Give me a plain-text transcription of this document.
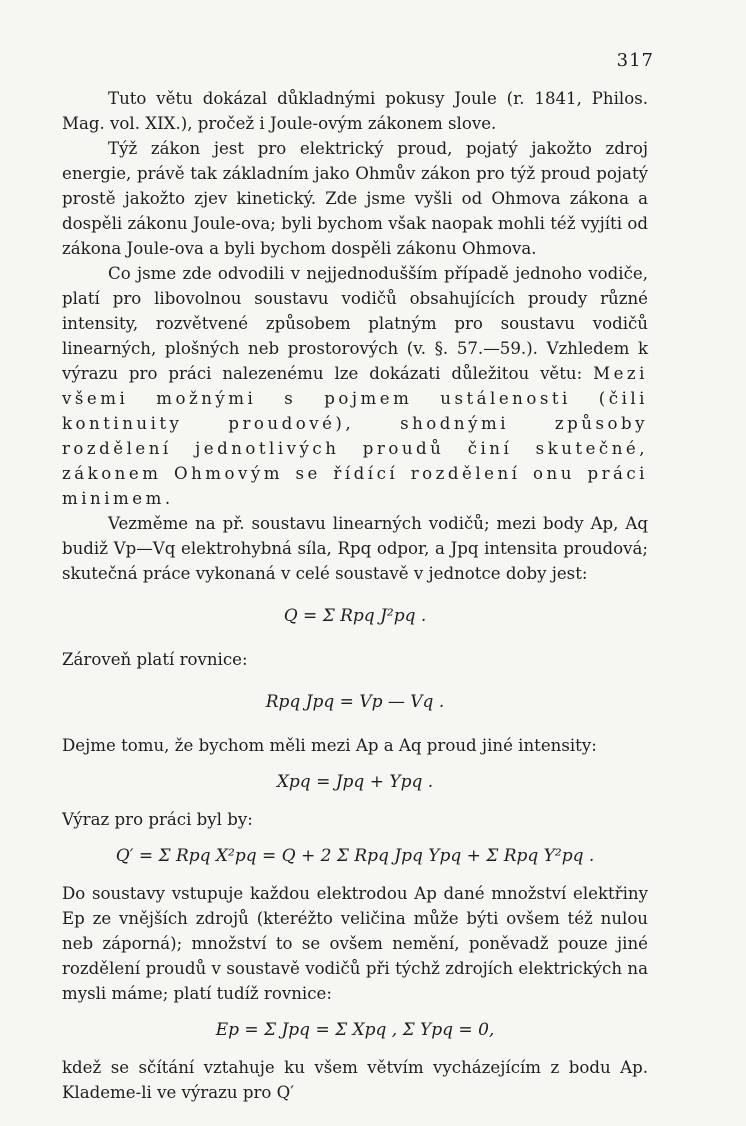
317

Tuto větu dokázal důkladnými pokusy Joule (r. 1841, Philos. Mag. vol. XIX.), pročež i Joule-ovým zákonem slove.

Týž zákon jest pro elektrický proud, pojatý jakožto zdroj energie, právě tak základním jako Ohmův zákon pro týž proud pojatý prostě jakožto zjev kinetický. Zde jsme vyšli od Ohmova zákona a dospěli zákonu Joule-ova; byli bychom však naopak mohli též vyjíti od zákona Joule-ova a byli bychom dospěli zákonu Ohmova.

Co jsme zde odvodili v nejjednodušším případě jednoho vodiče, platí pro libovolnou soustavu vodičů obsahujících proudy různé intensity, rozvětvené způsobem platným pro soustavu vodičů linearných, plošných neb prostorových (v. §. 57.—59.). Vzhledem k výrazu pro práci nalezenému lze dokázati důležitou větu: Mezi všemi možnými s pojmem ustálenosti (čili kontinuity proudové), shodnými způsoby rozdělení jednotlivých proudů činí skutečné, zákonem Ohmovým se řídící rozdělení onu práci minimem.

Vezměme na př. soustavu linearných vodičů; mezi body Ap, Aq budiž Vp—Vq elektrohybná síla, Rpq odpor, a Jpq intensita proudová; skutečná práce vykonaná v celé soustavě v jednotce doby jest:

Q = Σ Rpq J²pq .

Zároveň platí rovnice:

Rpq Jpq = Vp — Vq .

Dejme tomu, že bychom měli mezi Ap a Aq proud jiné intensity:

Xpq = Jpq + Ypq .

Výraz pro práci byl by:

Q′ = Σ Rpq X²pq = Q + 2 Σ Rpq Jpq Ypq + Σ Rpq Y²pq .

Do soustavy vstupuje každou elektrodou Ap dané množství elektřiny Ep ze vnějších zdrojů (kteréžto veličina může býti ovšem též nulou neb záporná); množství to se ovšem nemění, poněvadž pouze jiné rozdělení proudů v soustavě vodičů při týchž zdrojích elektrických na mysli máme; platí tudíž rovnice:

Ep = Σ Jpq = Σ Xpq , Σ Ypq = 0,

kdež se sčítání vztahuje ku všem větvím vycházejícím z bodu Ap. Klademe-li ve výrazu pro Q′
